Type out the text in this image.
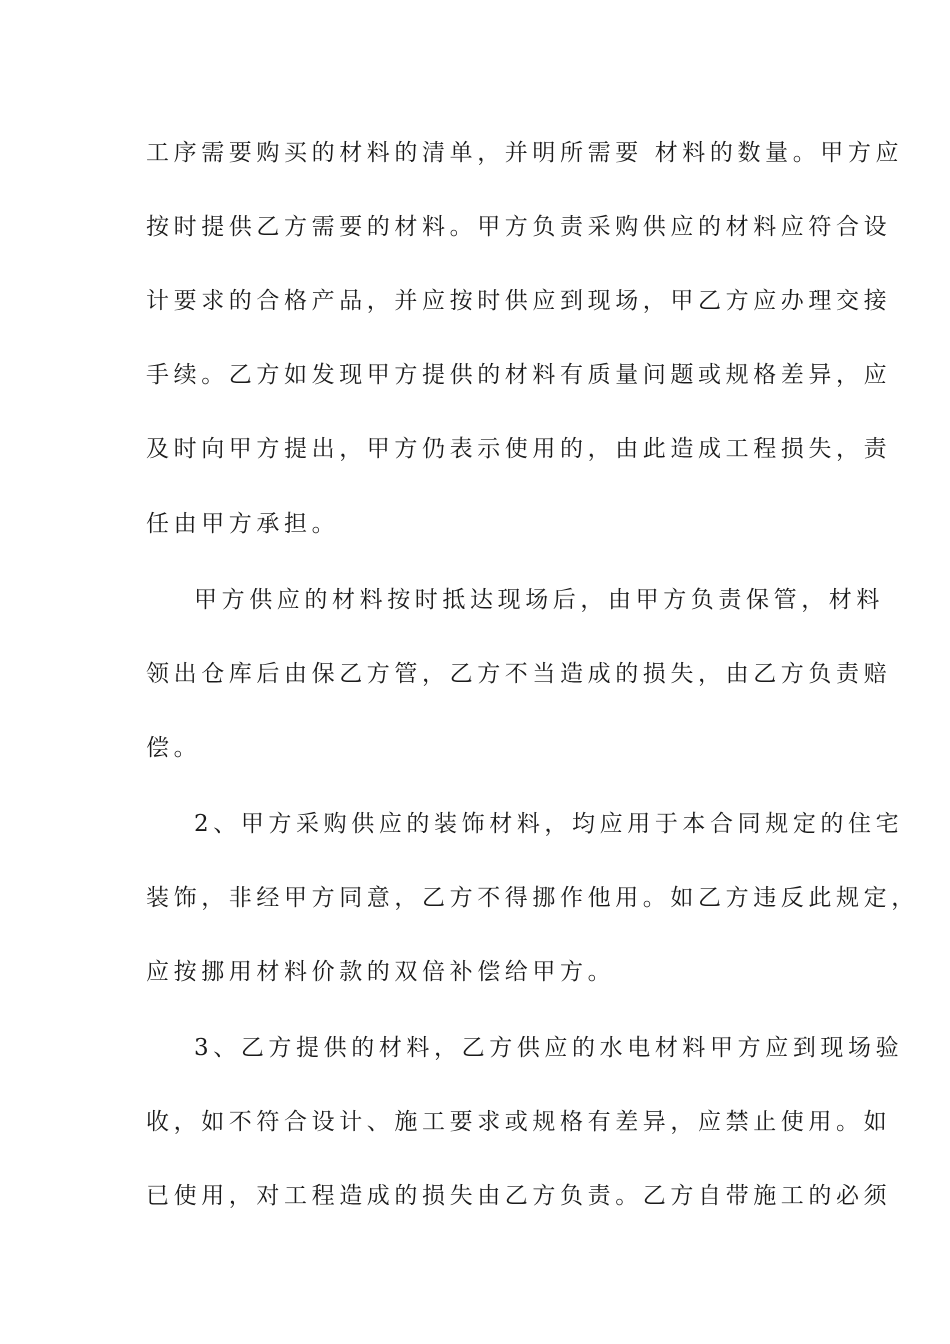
工序需要购买的材料的清单，并明所需要 材料的数量。甲方应
按时提供乙方需要的材料。甲方负责采购供应的材料应符合设
计要求的合格产品，并应按时供应到现场，甲乙方应办理交接
手续。乙方如发现甲方提供的材料有质量问题或规格差异，应
及时向甲方提出，甲方仍表示使用的，由此造成工程损失，责
任由甲方承担。
甲方供应的材料按时抵达现场后，由甲方负责保管，材料
领出仓库后由保乙方管，乙方不当造成的损失，由乙方负责赔
偿。
2、甲方采购供应的装饰材料，均应用于本合同规定的住宅
装饰，非经甲方同意，乙方不得挪作他用。如乙方违反此规定，
应按挪用材料价款的双倍补偿给甲方。
3、乙方提供的材料，乙方供应的水电材料甲方应到现场验
收，如不符合设计、施工要求或规格有差异，应禁止使用。如
已使用，对工程造成的损失由乙方负责。乙方自带施工的必须
